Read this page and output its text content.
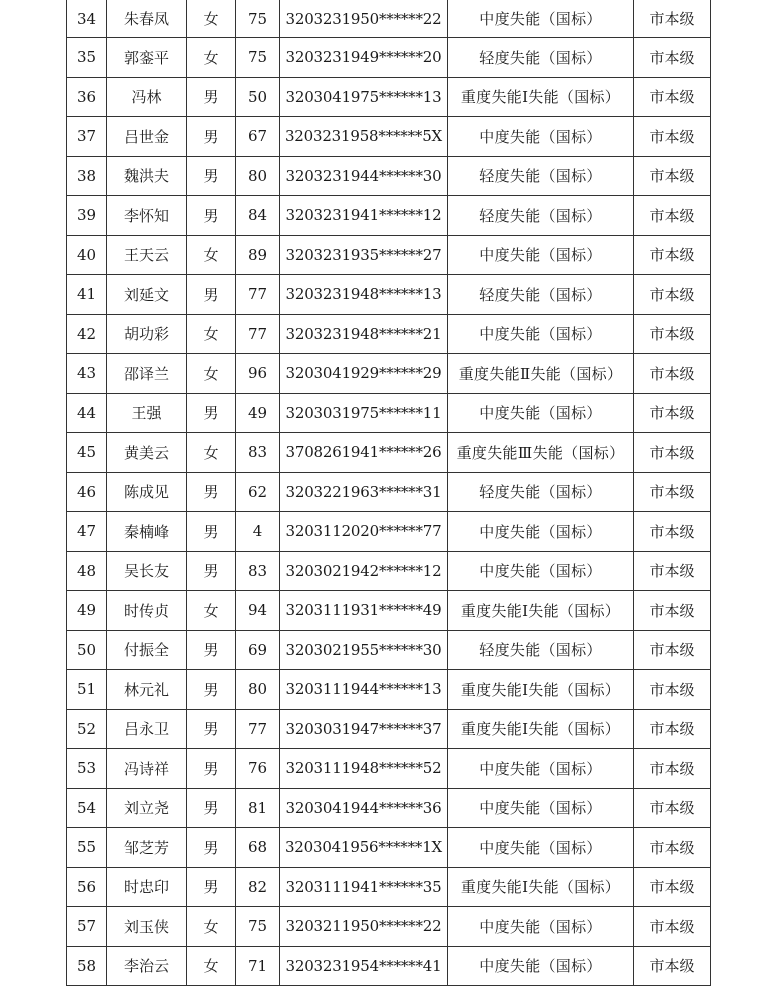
34	朱春凤	女	75	3203231950******22	中度失能（国标）	市本级
35	郭銮平	女	75	3203231949******20	轻度失能（国标）	市本级
36	冯林	男	50	3203041975******13	重度失能Ⅰ失能（国标）	市本级
37	吕世金	男	67	3203231958******5X	中度失能（国标）	市本级
38	魏洪夫	男	80	3203231944******30	轻度失能（国标）	市本级
39	李怀知	男	84	3203231941******12	轻度失能（国标）	市本级
40	王天云	女	89	3203231935******27	中度失能（国标）	市本级
41	刘延文	男	77	3203231948******13	轻度失能（国标）	市本级
42	胡功彩	女	77	3203231948******21	中度失能（国标）	市本级
43	邵译兰	女	96	3203041929******29	重度失能Ⅱ失能（国标）	市本级
44	王强	男	49	3203031975******11	中度失能（国标）	市本级
45	黄美云	女	83	3708261941******26	重度失能Ⅲ失能（国标）	市本级
46	陈成见	男	62	3203221963******31	轻度失能（国标）	市本级
47	秦楠峰	男	4	3203112020******77	中度失能（国标）	市本级
48	吴长友	男	83	3203021942******12	中度失能（国标）	市本级
49	时传贞	女	94	3203111931******49	重度失能Ⅰ失能（国标）	市本级
50	付振全	男	69	3203021955******30	轻度失能（国标）	市本级
51	林元礼	男	80	3203111944******13	重度失能Ⅰ失能（国标）	市本级
52	吕永卫	男	77	3203031947******37	重度失能Ⅰ失能（国标）	市本级
53	冯诗祥	男	76	3203111948******52	中度失能（国标）	市本级
54	刘立尧	男	81	3203041944******36	中度失能（国标）	市本级
55	邹芝芳	男	68	3203041956******1X	中度失能（国标）	市本级
56	时忠印	男	82	3203111941******35	重度失能Ⅰ失能（国标）	市本级
57	刘玉侠	女	75	3203211950******22	中度失能（国标）	市本级
58	李治云	女	71	3203231954******41	中度失能（国标）	市本级
